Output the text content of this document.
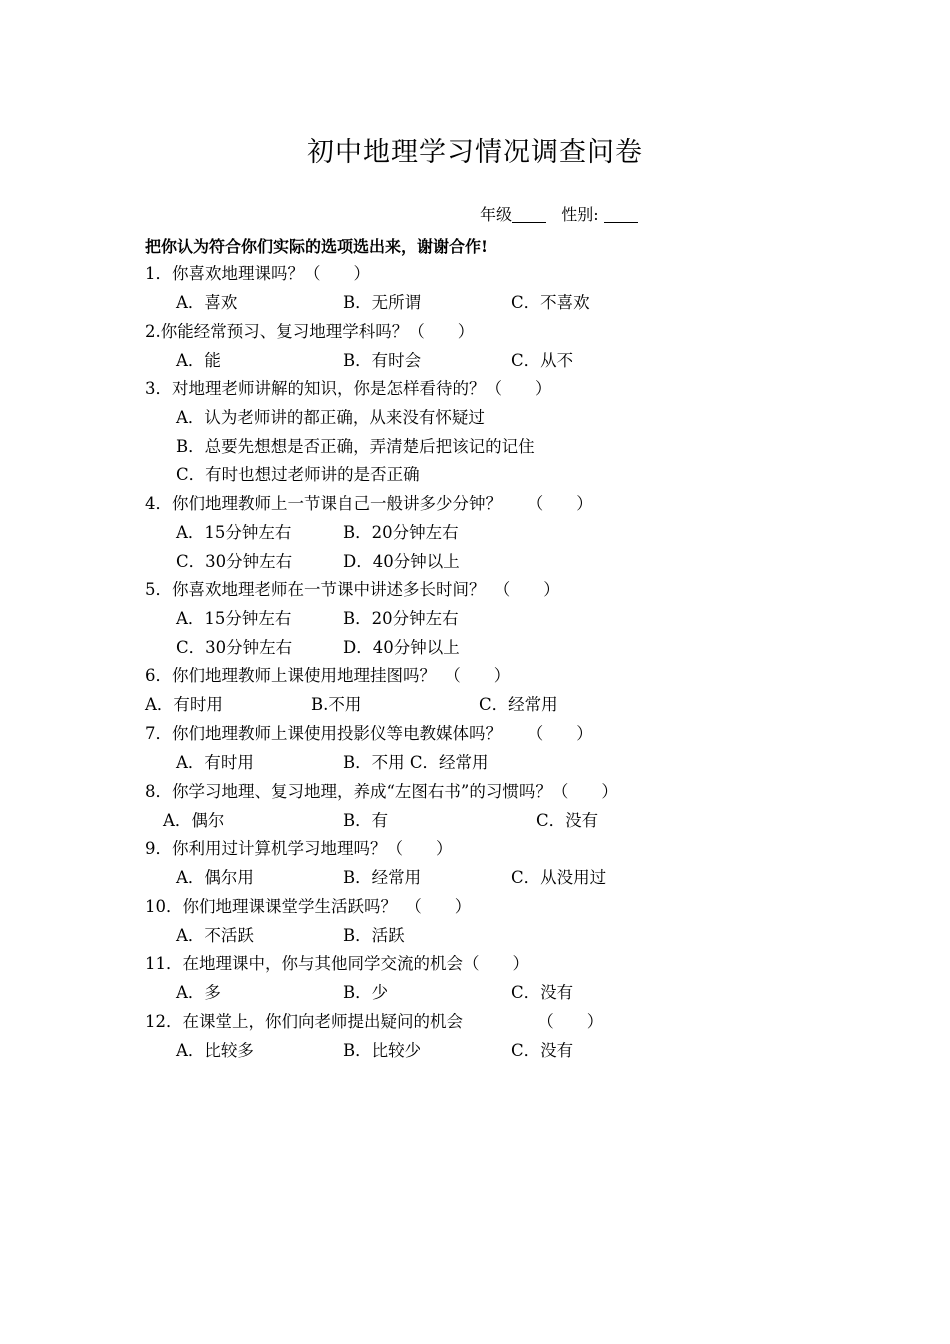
初中地理学习情况调查问卷
年级	性别:
把你认为符合你们实际的选项选出来，谢谢合作!
1．你喜欢地理课吗？（　　）
A．喜欢	B．无所谓	C．不喜欢
2.你能经常预习、复习地理学科吗？（　　）
A．能	B．有时会	C．从不
3．对地理老师讲解的知识，你是怎样看待的？（　　）
A．认为老师讲的都正确，从来没有怀疑过
B．总要先想想是否正确，弄清楚后把该记的记住
C．有时也想过老师讲的是否正确
4．你们地理教师上一节课自己一般讲多少分钟？　　（　　）
A．15分钟左右	B．20分钟左右
C．30分钟左右	D．40分钟以上
5．你喜欢地理老师在一节课中讲述多长时间？　（　　）
A．15分钟左右	B．20分钟左右
C．30分钟左右	D．40分钟以上
6．你们地理教师上课使用地理挂图吗？　（　　）
A．有时用	B.不用	C．经常用
7．你们地理教师上课使用投影仪等电教媒体吗？　　（　　）
A．有时用	B．不用 C．经常用
8．你学习地理、复习地理，养成“左图右书”的习惯吗？（　　）
A．偶尔	B．有	C．没有
9．你利用过计算机学习地理吗？（　　）
A．偶尔用	B．经常用	C．从没用过
10．你们地理课课堂学生活跃吗？　（　　）
A．不活跃	B．活跃
11．在地理课中，你与其他同学交流的机会（　　）
A．多	B．少	C．没有
12．在课堂上，你们向老师提出疑问的机会　　　　　（　　）
A．比较多	B．比较少	C．没有
